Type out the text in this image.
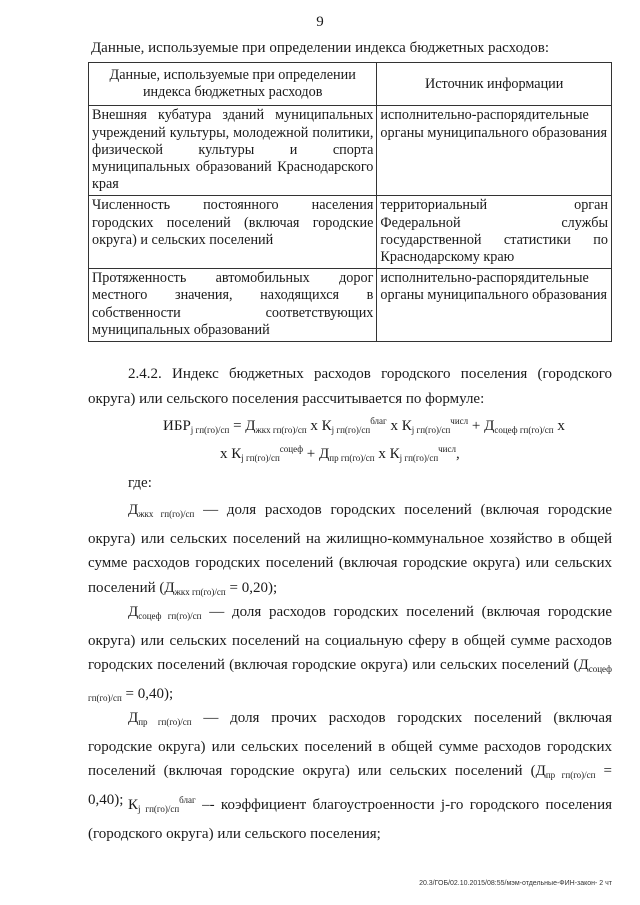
9
Данные, используемые при определении индекса бюджетных расходов:
Данные, используемые при определении индекса бюджетных расходов	Источник информации
Внешняя кубатура зданий муниципальных учреждений культуры, молодежной политики, физической культуры и спорта муниципальных образований Краснодарского края	исполнительно-распорядительные органы муниципального образования
Численность постоянного населения городских поселений (включая городские округа) и сельских поселений	территориальный орган Федеральной службы государственной статистики по Краснодарскому краю
Протяженность автомобильных дорог местного значения, находящихся в собственности соответствующих муниципальных образований	исполнительно-распорядительные органы муниципального образования
2.4.2. Индекс бюджетных расходов городского поселения (городского округа) или сельского поселения рассчитывается по формуле:
$ИБР_{j гп(го)/сп} = Д_{жкх гп(го)/сп}$ х $К_{j гп(го)/сп}^{благ}$ х $К_{j гп(го)/сп}^{числ} + Д_{соцеф гп(го)/сп}$ х
х $К_{j гп(го)/сп}^{соцеф} + Д_{пр гп(го)/сп}$ х $К_{j гп(го)/сп}^{числ}$,
где:
$Д_{жкх гп(го)/сп}$ — доля расходов городских поселений (включая городские округа) или сельских поселений на жилищно-коммунальное хозяйство в общей сумме расходов городских поселений (включая городские округа) или сельских поселений $(Д_{жкх гп(го)/сп} = 0,20)$;
$Д_{соцеф гп(го)/сп}$ — доля расходов городских поселений (включая городские округа) или сельских поселений на социальную сферу в общей сумме расходов городских поселений (включая городские округа) или сельских поселений $(Д_{соцеф гп(го)/сп} = 0,40)$;
$Д_{пр гп(го)/сп}$ — доля прочих расходов городских поселений (включая городские округа) или сельских поселений в общей сумме расходов городских поселений (включая городские округа) или сельских поселений $(Д_{пр гп(го)/сп} = 0,40)$; $К_{j гп(го)/сп}^{благ}$ –- коэффициент благоустроенности j-го городского поселения (городского округа) или сельского поселения;
20.3/ГОБ/02.10.2015/08:55/мэм-отдельные-ФИН-закон- 2 чт
